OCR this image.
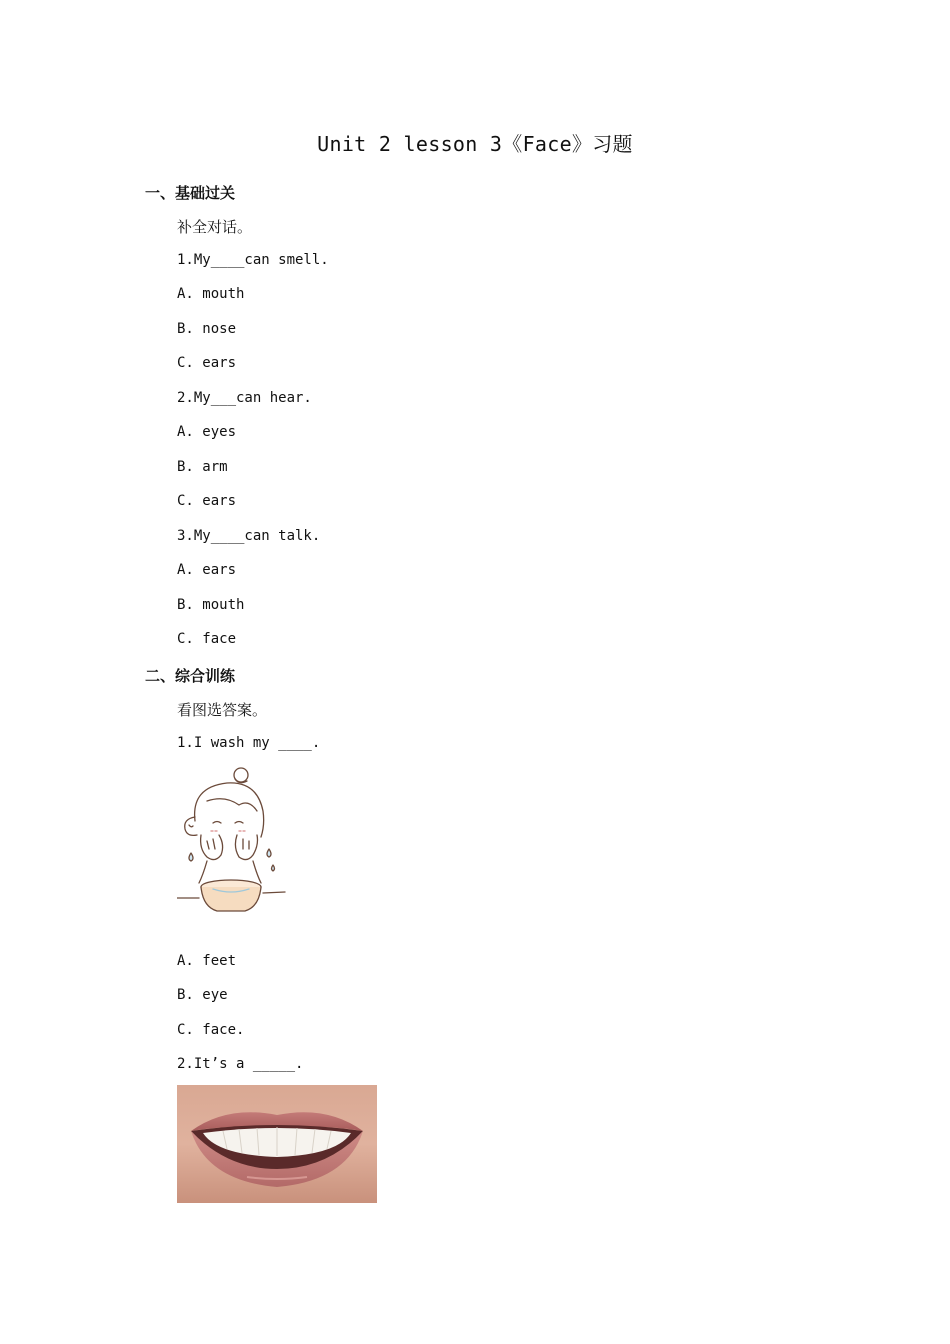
Unit 2 lesson 3《Face》习题
一、基础过关
补全对话。
1.My____can smell.
A. mouth
B. nose
C. ears
2.My___can hear.
A. eyes
B. arm
C. ears
3.My____can talk.
A. ears
B. mouth
C. face
二、综合训练
看图选答案。
1.I wash my ____.
A. feet
B. eye
C. face.
2.It’s a _____.
